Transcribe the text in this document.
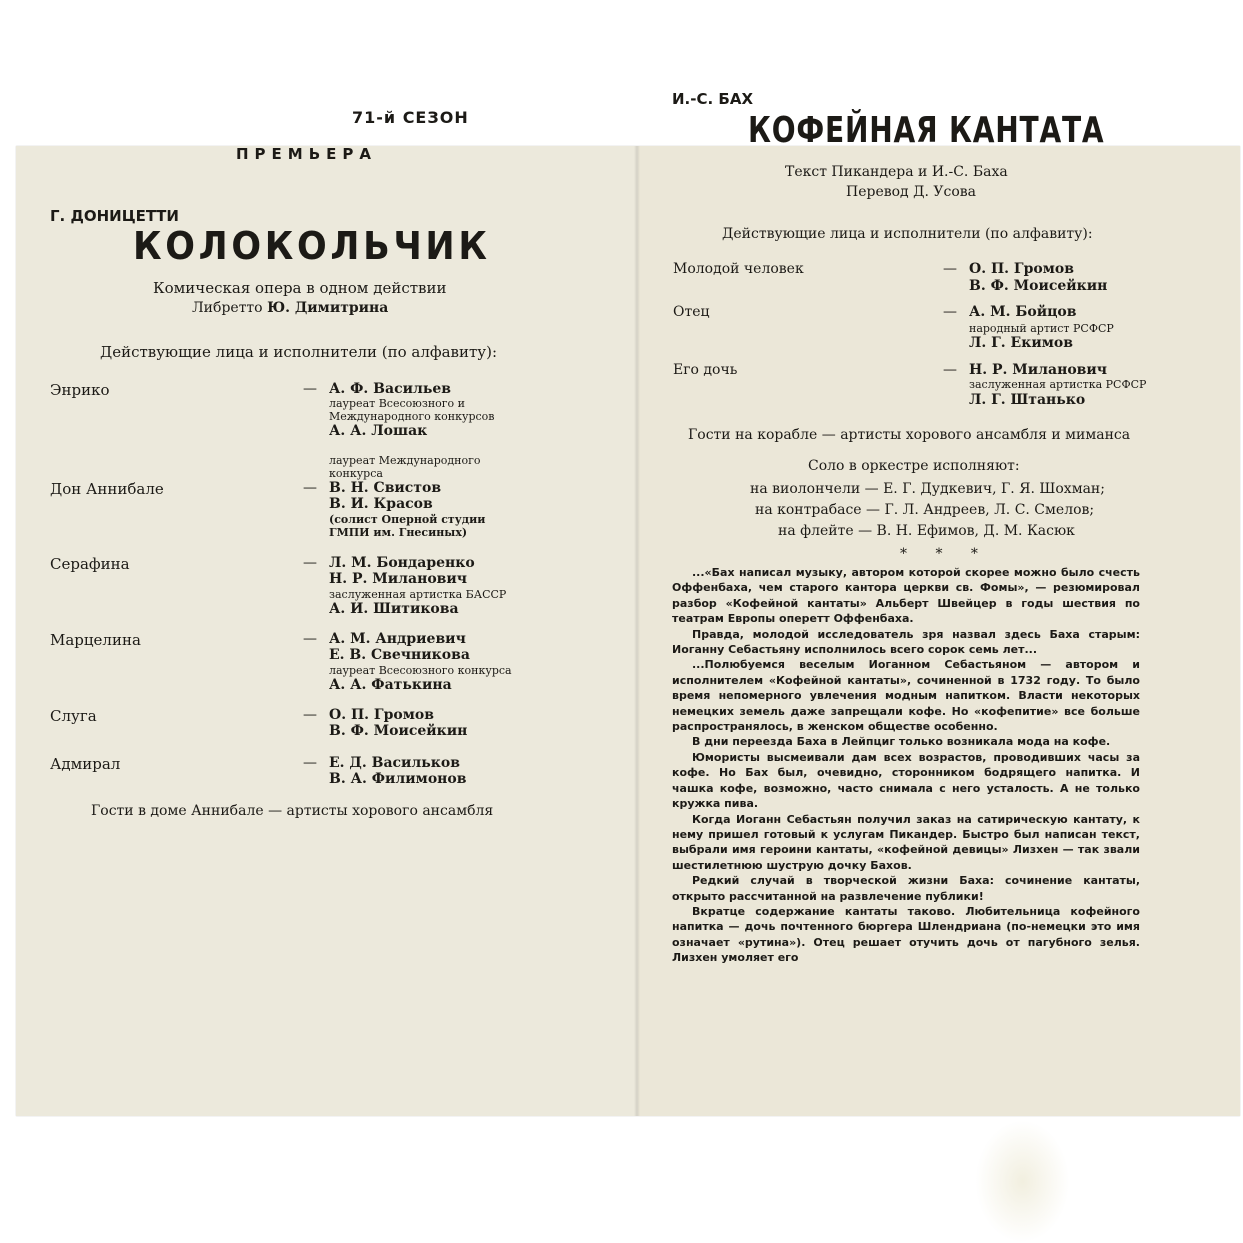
71-й СЕЗОН
ПРЕМЬЕРА
Г. ДОНИЦЕТТИ
КОЛОКОЛЬЧИК
Комическая опера в одном действии
Либретто Ю. Димитрина
Действующие лица и исполнители (по алфавиту):
Энрико	— А. Ф. Васильев
лауреат Всесоюзного и
Международного конкурсов
А. А. Лошак
лауреат Международного
конкурса
Дон Аннибале	— В. Н. Свистов
В. И. Красов
(солист Оперной студии
ГМПИ им. Гнесиных)
Серафина	— Л. М. Бондаренко
Н. Р. Миланович
заслуженная артистка БАССР
А. И. Шитикова
Марцелина	— А. М. Андриевич
Е. В. Свечникова
лауреат Всесоюзного конкурса
А. А. Фатькина
Слуга	— О. П. Громов
В. Ф. Моисейкин
Адмирал	— Е. Д. Васильков
В. А. Филимонов
Гости в доме Аннибале — артисты хорового ансамбля
И.-С. БАХ
КОФЕЙНАЯ КАНТАТА
Текст Пикандера и И.-С. Баха
Перевод Д. Усова
Действующие лица и исполнители (по алфавиту):
Молодой человек	— О. П. Громов
В. Ф. Моисейкин
Отец	— А. М. Бойцов
народный артист РСФСР
Л. Г. Екимов
Его дочь	— Н. Р. Миланович
заслуженная артистка РСФСР
Л. Г. Штанько
Гости на корабле — артисты хорового ансамбля и миманса
Соло в оркестре исполняют:
на виолончели — Е. Г. Дудкевич, Г. Я. Шохман;
на контрабасе — Г. Л. Андреев, Л. С. Смелов;
на флейте — В. Н. Ефимов, Д. М. Касюк
* * *

...«Бах написал музыку, автором которой скорее можно было счесть Оффенбаха, чем старого кантора церкви св. Фомы», — резюмировал разбор «Кофейной кантаты» Альберт Швейцер в годы шествия по театрам Европы оперетт Оффенбаха.

Правда, молодой исследователь зря назвал здесь Баха старым: Иоганну Себастьяну исполнилось всего сорок семь лет...

...Полюбуемся веселым Иоганном Себастьяном — автором и исполнителем «Кофейной кантаты», сочиненной в 1732 году. То было время непомерного увлечения модным напитком. Власти некоторых немецких земель даже запрещали кофе. Но «кофепитие» все больше распространялось, в женском обществе особенно.

В дни переезда Баха в Лейпциг только возникала мода на кофе.

Юмористы высмеивали дам всех возрастов, проводивших часы за кофе. Но Бах был, очевидно, сторонником бодрящего напитка. И чашка кофе, возможно, часто снимала с него усталость. А не только кружка пива.

Когда Иоганн Себастьян получил заказ на сатирическую кантату, к нему пришел готовый к услугам Пикандер. Быстро был написан текст, выбрали имя героини кантаты, «кофейной девицы» Лизхен — так звали шестилетнюю шуструю дочку Бахов.

Редкий случай в творческой жизни Баха: сочинение кантаты, открыто рассчитанной на развлечение публики!

Вкратце содержание кантаты таково. Любительница кофейного напитка — дочь почтенного бюргера Шлендриана (по-немецки это имя означает «рутина»). Отец решает отучить дочь от пагубного зелья. Лизхен умоляет его
